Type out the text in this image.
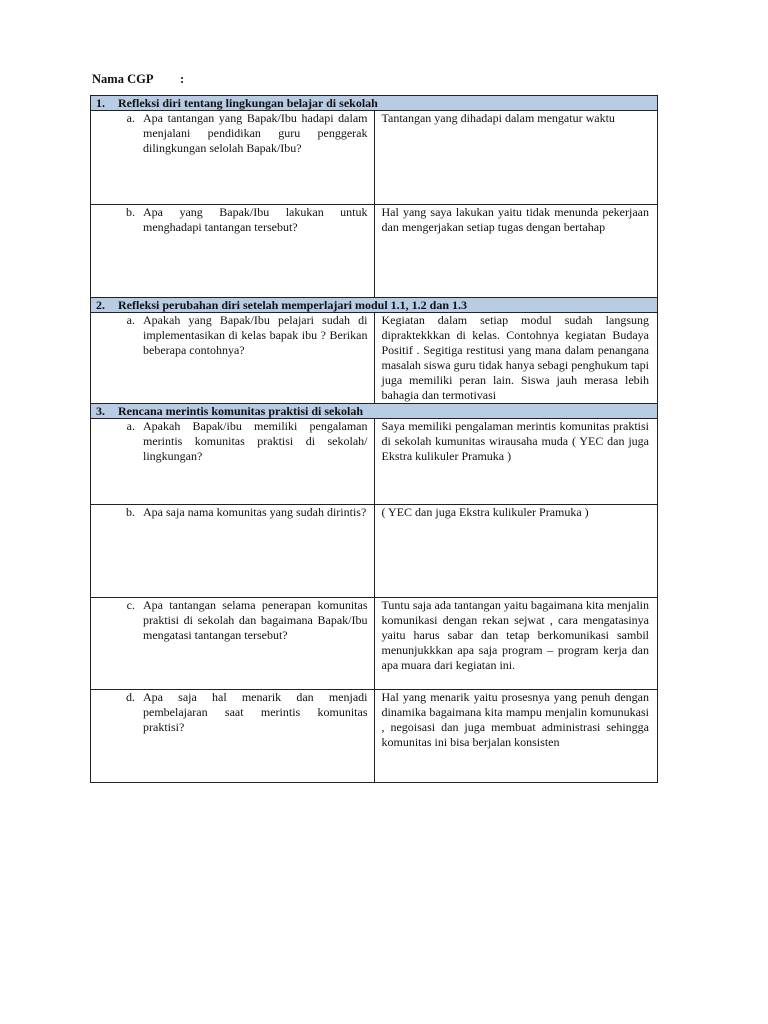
Nama CGP :
1. Refleksi diri tentang lingkungan belajar di sekolah	

a. Apa tantangan yang Bapak/Ibu hadapi dalam menjalani pendidikan guru penggerak dilingkungan selolah Bapak/Ibu?	Tantangan yang dihadapi dalam mengatur waktu

b. Apa yang Bapak/Ibu lakukan untuk menghadapi tantangan tersebut?	Hal yang saya lakukan yaitu tidak menunda pekerjaan dan mengerjakan setiap tugas dengan bertahap

2. Refleksi perubahan diri setelah memperlajari modul 1.1, 1.2 dan 1.3	

a. Apakah yang Bapak/Ibu pelajari sudah di implementasikan di kelas bapak ibu ? Berikan beberapa contohnya?	Kegiatan dalam setiap modul sudah langsung dipraktekkkan di kelas. Contohnya kegiatan Budaya Positif . Segitiga restitusi yang mana dalam penangana masalah siswa guru tidak hanya sebagi penghukum tapi juga memiliki peran lain. Siswa jauh merasa lebih bahagia dan termotivasi

3. Rencana merintis komunitas praktisi di sekolah	

a. Apakah Bapak/ibu memiliki pengalaman merintis komunitas praktisi di sekolah/ lingkungan?	Saya memiliki pengalaman merintis komunitas praktisi di sekolah kumunitas wirausaha muda ( YEC dan juga Ekstra kulikuler Pramuka )

b. Apa saja nama komunitas yang sudah dirintis?	( YEC dan juga Ekstra kulikuler Pramuka )

c. Apa tantangan selama penerapan komunitas praktisi di sekolah dan bagaimana Bapak/Ibu mengatasi tantangan tersebut?	Tuntu saja ada tantangan yaitu bagaimana kita menjalin komunikasi dengan rekan sejwat , cara mengatasinya yaitu harus sabar dan tetap berkomunikasi sambil menunjukkkan apa saja program – program kerja dan apa muara dari kegiatan ini.

d. Apa saja hal menarik dan menjadi pembelajaran saat merintis komunitas praktisi?	Hal yang menarik yaitu prosesnya yang penuh dengan dinamika bagaimana kita mampu menjalin komunukasi , negoisasi dan juga membuat administrasi sehingga komunitas ini bisa berjalan konsisten
